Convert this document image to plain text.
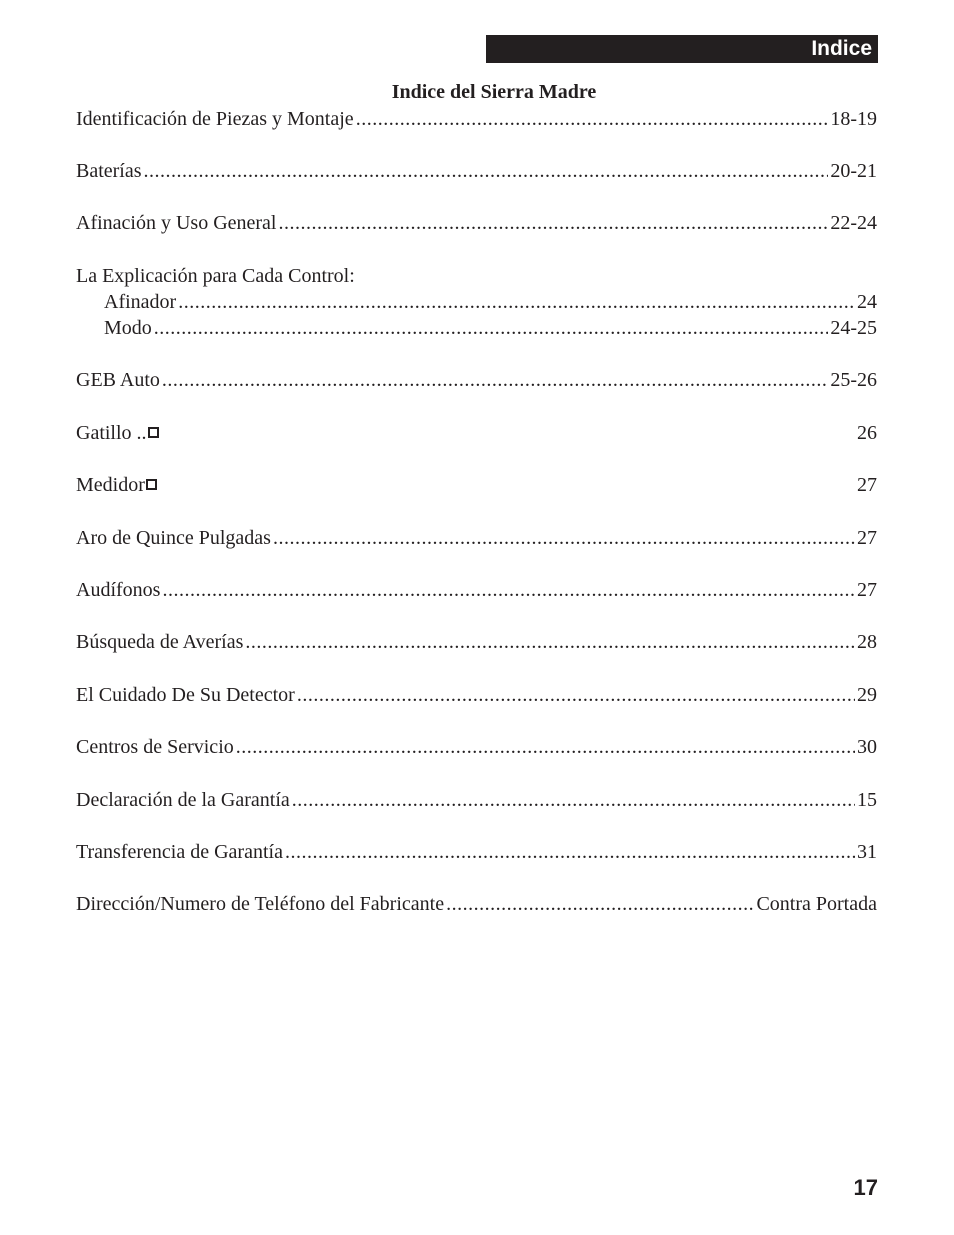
Indice
Indice del Sierra Madre
Identificación de Piezas y Montaje .....	18-19
Baterías .....	20-21
Afinación y Uso General .....	22-24
La Explicación para Cada Control:
Afinador .....	24
Modo .....	24-25
GEB Auto .....	25-26
Gatillo ..	26
Medidor	27
Aro de Quince Pulgadas .....	27
Audífonos .....	27
Búsqueda de Averías .....	28
El Cuidado De Su Detector .....	29
Centros de Servicio .....	30
Declaración de la Garantía .....	15
Transferencia de Garantía .....	31
Dirección/Numero de Teléfono del Fabricante .....	Contra Portada
17
